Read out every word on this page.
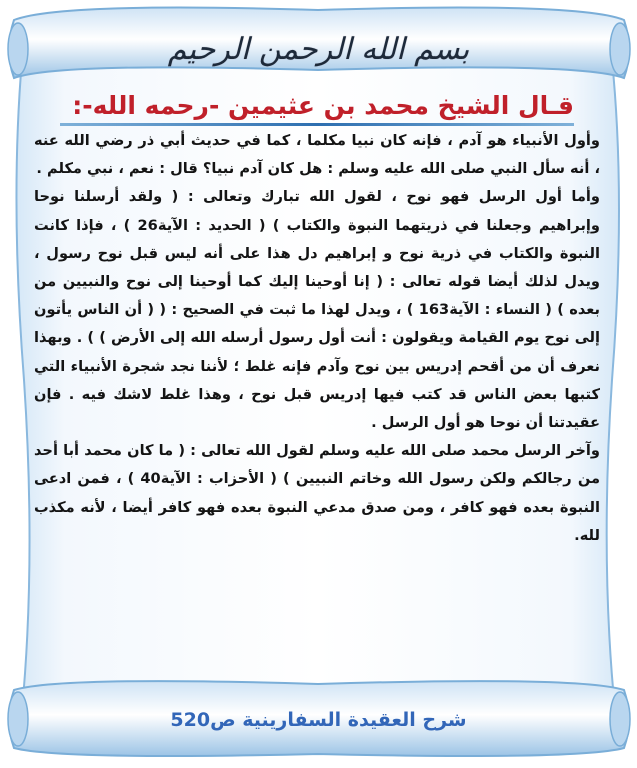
بسم الله الرحمن الرحيم
قـال الشيخ محمد بن عثيمين -رحمه الله-:

وأول الأنبياء هو آدم ، فإنه كان نبيا مكلما ، كما في حديث أبي ذر رضي الله عنه ، أنه سأل النبي صلى الله عليه وسلم : هل كان آدم نبيا؟ قال : نعم ، نبي مكلم .

وأما أول الرسل فهو نوح ، لقول الله تبارك وتعالى : ( ولقد أرسلنا نوحا وإبراهيم وجعلنا في ذريتهما النبوة والكتاب ) ( الحديد : الآية26 ) ، فإذا كانت النبوة والكتاب في ذرية نوح و إبراهيم دل هذا على أنه ليس قبل نوح رسول ، ويدل لذلك أيضا قوله تعالى : ( إنا أوحينا إليك كما أوحينا إلى نوح والنبيين من بعده ) ( النساء : الآية163 ) ، ويدل لهذا ما ثبت في الصحيح : ( ( أن الناس يأتون إلى نوح يوم القيامة ويقولون : أنت أول رسول أرسله الله إلى الأرض ) ) . وبهذا نعرف أن من أقحم إدريس بين نوح وآدم فإنه غلط ؛ لأننا نجد شجرة الأنبياء التي كتبها بعض الناس قد كتب فيها إدريس قبل نوح ، وهذا غلط لاشك فيه . فإن عقيدتنا أن نوحا هو أول الرسل .

وآخر الرسل محمد صلى الله عليه وسلم لقول الله تعالى : ( ما كان محمد أبا أحد من رجالكم ولكن رسول الله وخاتم النبيين ) ( الأحزاب : الآية40 ) ، فمن ادعى النبوة بعده فهو كافر ، ومن صدق مدعي النبوة بعده فهو كافر أيضا ، لأنه مكذب لله.

شرح العقيدة السفارينية ص520
